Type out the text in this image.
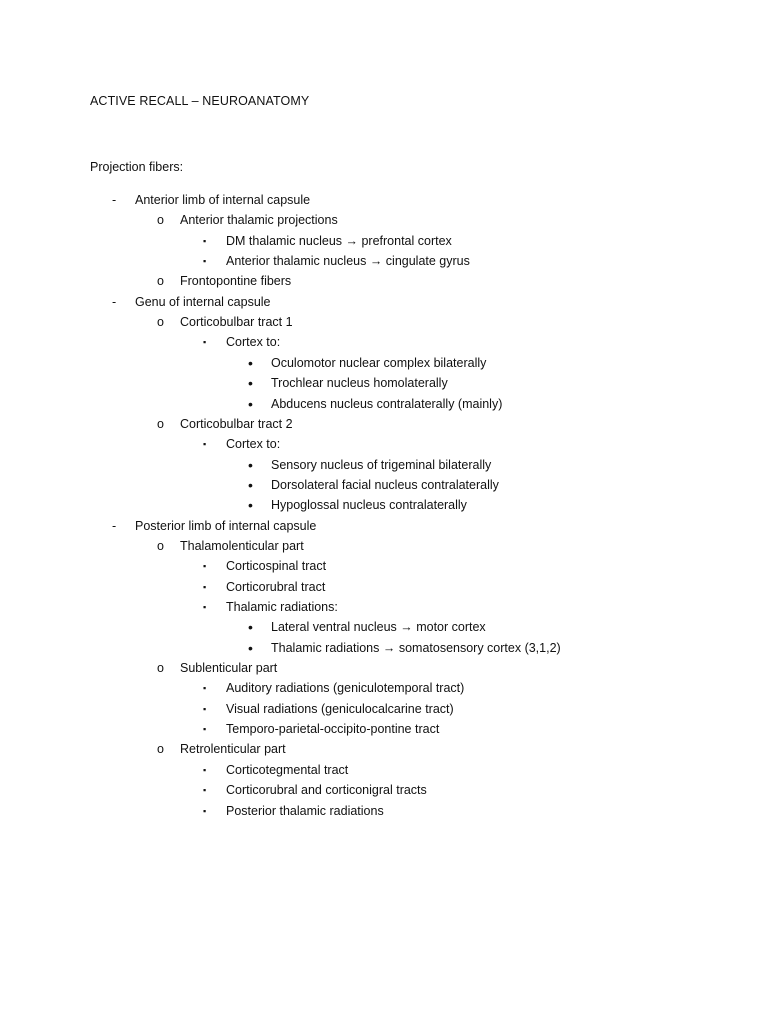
ACTIVE RECALL – NEUROANATOMY
Projection fibers:
-	Anterior limb of internal capsule
o	Anterior thalamic projections
▪	DM thalamic nucleus → prefrontal cortex
▪	Anterior thalamic nucleus → cingulate gyrus
o	Frontopontine fibers
-	Genu of internal capsule
o	Corticobulbar tract 1
▪	Cortex to:
•	Oculomotor nuclear complex bilaterally
•	Trochlear nucleus homolaterally
•	Abducens nucleus contralaterally (mainly)
o	Corticobulbar tract 2
▪	Cortex to:
•	Sensory nucleus of trigeminal bilaterally
•	Dorsolateral facial nucleus contralaterally
•	Hypoglossal nucleus contralaterally
-	Posterior limb of internal capsule
o	Thalamolenticular part
▪	Corticospinal tract
▪	Corticorubral tract
▪	Thalamic radiations:
•	Lateral ventral nucleus → motor cortex
•	Thalamic radiations → somatosensory cortex (3,1,2)
o	Sublenticular part
▪	Auditory radiations (geniculotemporal tract)
▪	Visual radiations (geniculocalcarine tract)
▪	Temporo-parietal-occipito-pontine tract
o	Retrolenticular part
▪	Corticotegmental tract
▪	Corticorubral and corticonigral tracts
▪	Posterior thalamic radiations
